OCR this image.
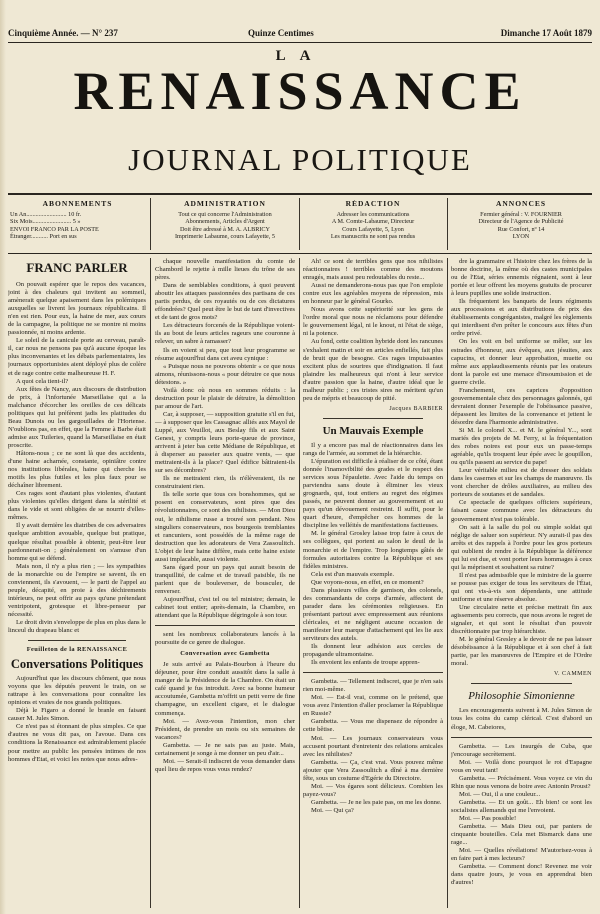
Cinquième Année. — N° 237	Quinze Centimes	Dimanche 17 Août 1879
LA
RENAISSANCE
JOURNAL POLITIQUE
ABONNEMENTS

Un An.......................... 10 fr.
Six Mois......................... 5 »
ENVOI FRANCO PAR LA POSTE
Étranger........... Port en sus

ADMINISTRATION

Tout ce qui concerne l'Administration
Abonnements, Articles d'Argent
Doit être adressé à M. A. ALBRICY
Imprimerie Labaume, cours Lafayette, 5

RÉDACTION

Adresser les communications
A M. Comte-Labaume, Directeur
Cours Lafayette, 5, Lyon
Les manuscrits ne sont pas rendus

ANNONCES

Fermier général : V. FOURNIER
Directeur de l'Agence de Publicité
Rue Confort, nº 14
LYON

FRANC PARLER

On pouvait espérer que le repos des vacances, joint à des chaleurs qui invitent au sommeil, amènerait quelque apaisement dans les polémiques auxquelles se livrent les journaux républicains. Il n'en est rien. Pour eux, la haine de mer, aux cœurs de la campagne, la politique ne se montre ni moins passionnée, ni moins ardente.

Le soleil de la canicule porte au cerveau, paraît-il, car nous ne pensons pas qu'à aucune époque les plus inconvenantes et les débats parlementaires, les journaux opportunistes aient déployé plus de colère et de rage contre cette malheureuse H. F.

A quoi cela tient-il?

Aux fêtes de Nancy, aux discours de distribution de prix, à l'infortunée Marseillaise qui a la malchance d'écorcher les oreilles de ces délicats politiques qui lui préfèrent jadis les platitudes du Beau Dunois ou les gargouillades de l'Hortense. N'oublions pas, en effet, que la Femme à Barbe était admise aux Tuileries, quand la Marseillaise en était proscrite.

Hâtons-nous ; ce ne sont là que des accidents, d'une haine acharnée, constante, opiniâtre contre nos institutions libérales, haine qui cherche les motifs les plus futiles et les plus faux pour se déchaîner librement.

Ces rages sont d'autant plus violentes, d'autant plus violentes qu'elles dirigent dans la stérilité et dans le vide et sont obligées de se nourrir d'elles-mêmes.

Il y avait dernière les diatribes de ces adversaires quelque ambition avouable, quelque but pratique, quelque résultat possible à obtenir, peut-être leur pardonnerait-on ; généralement on s'amuse d'un homme qui se défend.

Mais non, il n'y a plus rien ; — les sympathies de la monarchie ou de l'empire se savent, ils en conviennent, ils s'avouent, — le parti de l'appel au peuple, décapité, en proie à des déchirements intérieurs, ne peut offrir au pays qu'une prétendant ventripotent, grotesque et libre-penseur par nécessité.

Le droit divin s'enveloppe de plus en plus dans le linceul du drapeau blanc et

Feuilleton de la RENAISSANCE
Conversations Politiques

Aujourd'hui que les discours chôment, que nous voyons que les députés peuvent le train, on se rattrape à les conversations pour connaître les opinions et vraies de nos grands politiques.

Déjà le Figaro a donné le branle en faisant causer M. Jules Simon.

Ce n'est pas si étonnant de plus simples. Ce que d'autres ne vous dit pas, on l'avoue. Dans ces conditions la Renaissance est admirablement placée pour mettre au public les pensées intimes de nos hommes d'Etat, et voici les notes que nous adres-

chaque nouvelle manifestation du comte de Chambord le rejette à mille lieues du trône de ses pères.

Dans de semblables conditions, à quoi peuvent aboutir les attaques passionnées des partisans de ces partis perdus, de ces royautés ou de ces dictatures effondrées? Quel peut être le but de tant d'invectives et de tant de gros mots?

Les détracteurs forcenés de la République voient-ils au bout de leurs articles rageurs une couronne à relever, un sabre à ramasser?

Ils en voient si peu, que tout leur programme se résume aujourd'hui dans cet aveu cynique :

« Puisque nous ne pouvons obtenir « ce que nous aimons, réunissons-nous « pour détruire ce que nous détestons. »

Voilà donc où nous en sommes réduits : la destruction pour le plaisir de détruire, la démolition par amour de l'art.

Car, à supposer, — supposition gratuite s'il en fut, — à supposer que les Cassagnac alliés aux Mayol de Luppé, aux Veuillot, aux Beslay fils et aux Saint Genest, y compris leurs porte-queue de province, arrivent à jeter bas cette Médiane de République, et à disperser au passeier aux quatre vents, — que mettraient-ils à la place? Quel édifice bâtiraient-ils sur ses décombres?

Ils ne mettraient rien, ils n'élèveraient, ils ne construiraient rien.

Ils telle sorte que tous ces bonshommes, qui se posent en conservateurs, sont pires que des révolutionnaires, ce sont des nihilistes. — Mon Dieu oui, le nihilisme russe a trouvé son pendant. Nos singuliers conservateurs, nos bourgeois tremblantes et rancuniers, sont possédés de la même rage de destruction que les adorateurs de Vera Zassoulitch. L'objet de leur haine diffère, mais cette haine existe aussi implacable, aussi violente.

Sans égard pour un pays qui aurait besoin de tranquillité, de calme et de travail paisible, ils ne parlent que de bouleverser, de bousculer, de renverser.

Aujourd'hui, c'est tel ou tel ministre; demain, le cabinet tout entier; après-demain, la Chambre, en attendant que la République dégringole à son tour.

sent les nombreux collaborateurs lancés à la poursuite de ce genre de dialogue.

Conversation avec Gambetta

Je suis arrivé au Palais-Bourbon à l'heure du déjeuner, pour être conduit aussitôt dans la salle à manger de la Présidence de la Chambre. On était un café quand je fus introduit. Avec sa bonne humeur accoutumée, Gambetta m'offrit un petit verre de fine champagne, un excellent cigare, et le dialogue commença.

Moi. — Avez-vous l'intention, mon cher Président, de prendre un mois ou six semaines de vacances?

Gambetta. — Je ne sais pas au juste. Mais, certainement je songe à me donner un peu d'air...

Moi. — Serait-il indiscret de vous demander dans quel lieu de repos vous vous rendez?

Ah! ce sont de terribles gens que nos nihilistes réactionnaires ! terribles comme des moutons enragés, mais aussi peu redoutables du reste...

Aussi ne demanderons-nous pas que l'on emploie contre eux les agréables moyens de répression, mis en honneur par le général Gourko.

Nous avons cette supériorité sur les gens de l'ordre moral que nous ne réclamons pour défendre le gouvernement légal, ni le knout, ni l'état de siège, ni la potence.

Au fond, cette coalition hybride dont les rancunes s'exhalent matin et soir en articles enfiellés, fait plus de bruit que de besogne. Ces rages impuissantes excitent plus de sourires que d'indignation. Il faut plaindre les malheureux qui n'ont à leur service d'autre passion que la haine, d'autre idéal que le malheur public ; ces tristes sires ne méritent qu'un peu de mépris et beaucoup de pitié.

Jacques BARBIER
Un Mauvais Exemple

Il y a encore pas mal de réactionnaires dans les rangs de l'armée, au sommet de la hiérarchie.

L'épuration est difficile à réaliser de ce côté, étant donnée l'inamovibilité des grades et le respect des services sous l'épaulette. Avec l'aide du temps on parviendra sans doute à éliminer les vieux grognards, qui, tout entiers au regret des régimes passés, ne peuvent donner au gouvernement et au pays qu'un dévouement restreint. Il suffit, pour le quart d'heure, d'empêcher ces hommes de la discipline les velléités de manifestations factieuses.

M. le général Grosley laisse trop faire à ceux de ses collègues, qui portent au salon le deuil de la monarchie et de l'empire. Trop longtemps gâtés de formules autoritaires contre la République et ses fidèles ministres.

Cela est d'un mauvais exemple.

Que voyons-nous, en effet, en ce moment?

Dans plusieurs villes de garnison, des colonels, des commandants de corps d'armée, affectent de parader dans les cérémonies religieuses. En présentant partout avec empressement aux réunions cléricales, et ne négligent aucune occasion de manifester leur marque d'attachement qui les lie aux serviteurs des autels.

Ils donnent leur adhésion aux cercles de propagande ultramontaine.

Ils envoient les enfants de troupe appren-

Gambetta. — Tellement indiscret, que je n'en sais rien moi-même.

Moi. — Est-il vrai, comme on le prétend, que vous avez l'intention d'aller proclamer la République en Russie?

Gambetta. — Vous me dispensez de répondre à cette bêtise.

Moi. — Les journaux conservateurs vous accusent pourtant d'entretenir des relations amicales avec les nihilistes?

Gambetta. — Ça, c'est vrai. Vous pouvez même ajouter que Vera Zassoulitch a dîné à ma dernière fête, sous un costume d'Egérie du Directoire.

Moi. — Vos égares sont délicieux. Combien les payez-vous?

Gambetta. — Je ne les paie pas, on me les donne.

Moi. — Qui ça?

dre la grammaire et l'histoire chez les frères de la bonne doctrine, la même où des castes municipales ou de l'Etat, séries ennemis régnaient, sont à leur portée et leur offrent les moyens gratuits de procurer à leurs pupilles une solide instruction.

Ils fréquentent les banquets de leurs régiments aux processions et aux distributions de prix des établissements congréganistes, malgré les règlements qui interdisent d'en prêter le concours aux fêtes d'un ordre privé.

On les voit en bel uniforme se mêler, sur les estrades d'honneur, aux évêques, aux jésuites, aux capucins, et donner leur approbation, muette ou même aux applaudissements réunis par les orateurs dont la parole est une menace d'insoumission et de guerre civile.

Franchement, ces caprices d'opposition gouvernementale chez des personnages galonnés, qui devraient donner l'exemple de l'obéissance passive, dépassent les limites de la convenance et jettent le désordre dans l'harmonie administrative.

Si M. le colonel X... et M. le général Y..., sont mariés des projets de M. Ferry, si la fréquentation des robes noires est pour eux un passe-temps agréable, qu'ils troquent leur épée avec le goupillon, ou qu'ils passent au service du pape!

Leur véritable milieu est de dresser des soldats dans les casernes et sur les champs de manœuvre. Ils vont chercher de drôles auxiliaires, au milieu des porteurs de soutanes et de sandales.

Ce spectacle de quelques officiers supérieurs, faisant cause commune avec les détracteurs du gouvernement n'est pas tolérable.

On sait à la salle du pol ou simple soldat qui néglige de saluer son supérieur. N'y aurait-il pas des arrêts et des rappels à l'ordre pour les gros porteurs qui oublient de rendre à la République la déférence qui lui est due, et vont porter leurs hommages à ceux qui la méprisent et souhaitent sa ruine?

Il n'est pas admissible que le ministre de la guerre se pousse pas exiger de tous les serviteurs de l'État, qui ont vis-à-vis son dépendants, une attitude uniforme et une réserve absolue.

Une circulaire nette et précise mettrait fin aux agissements peu corrects, que nous avons le regret de signaler, et qui sont le résultat d'un pouvoir discrétionnaire par trop hiérarchiste.

M. le général Gresley a le devoir de ne pas laisser désobéissance à la République et à son chef à fait partie, par les manœuvres de l'Empire et de l'Ordre moral.

V. CAMMEN
Philosophie Simonienne

Les encouragements suivent à M. Jules Simon de tous les coins du camp clérical. C'est d'abord un éloge, M. Cabeiores,

Gambetta. — Les insurgés de Cuba, que j'encourage secrètement.

Moi. — Voilà donc pourquoi le roi d'Espagne vous en veut tant!

Gambetta. — Précisément. Vous voyez ce vin du Rhin que nous venons de boire avec Antonin Proust?

Moi. — Oui, il a une couleur...

Gambetta. — Et un goût... Eh bien! ce sont les socialistes allemands qui me l'envoient.

Moi. — Pas possible!

Gambetta. — Mais Dieu oui, par paniers de cinquante bouteilles. Cela met Bismarck dans une rage...

Moi. — Quelles révélations! M'autorisez-vous à en faire part à mes lecteurs?

Gambetta. — Comment donc! Revenez me voir dans quatre jours, je vous en apprendrai bien d'autres!
